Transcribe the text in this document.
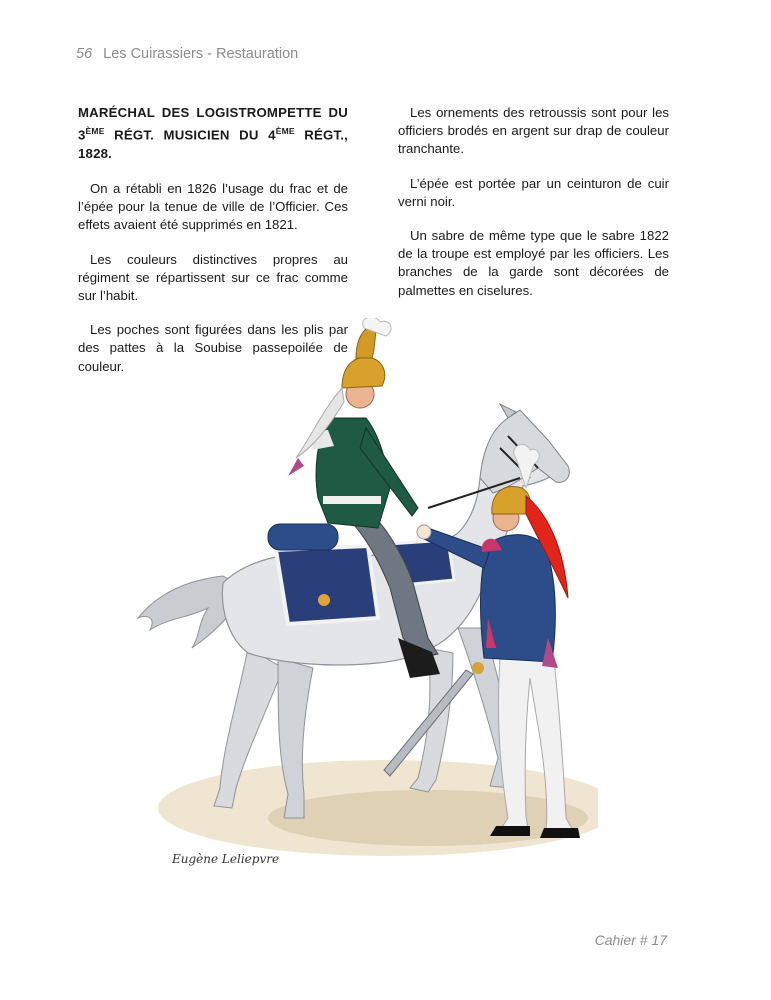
56 Les Cuirassiers - Restauration
MARÉCHAL DES LOGISTROMPETTE DU 3ÈME RÉGT. MUSICIEN DU 4ÈME RÉGT., 1828.

On a rétabli en 1826 l’usage du frac et de l’épée pour la tenue de ville de l’Officier. Ces effets avaient été supprimés en 1821.

Les couleurs distinctives propres au régiment se répartissent sur ce frac comme sur l’habit.

Les poches sont figurées dans les plis par des pattes à la Soubise passepoilée de couleur.

Les ornements des retroussis sont pour les officiers brodés en argent sur drap de couleur tranchante.

L’épée est portée par un ceinturon de cuir verni noir.

Un sabre de même type que le sabre 1822 de la troupe est employé par les officiers. Les branches de la garde sont décorées de palmettes en ciselures.

Eugène Leliepvre
Cahier # 17
